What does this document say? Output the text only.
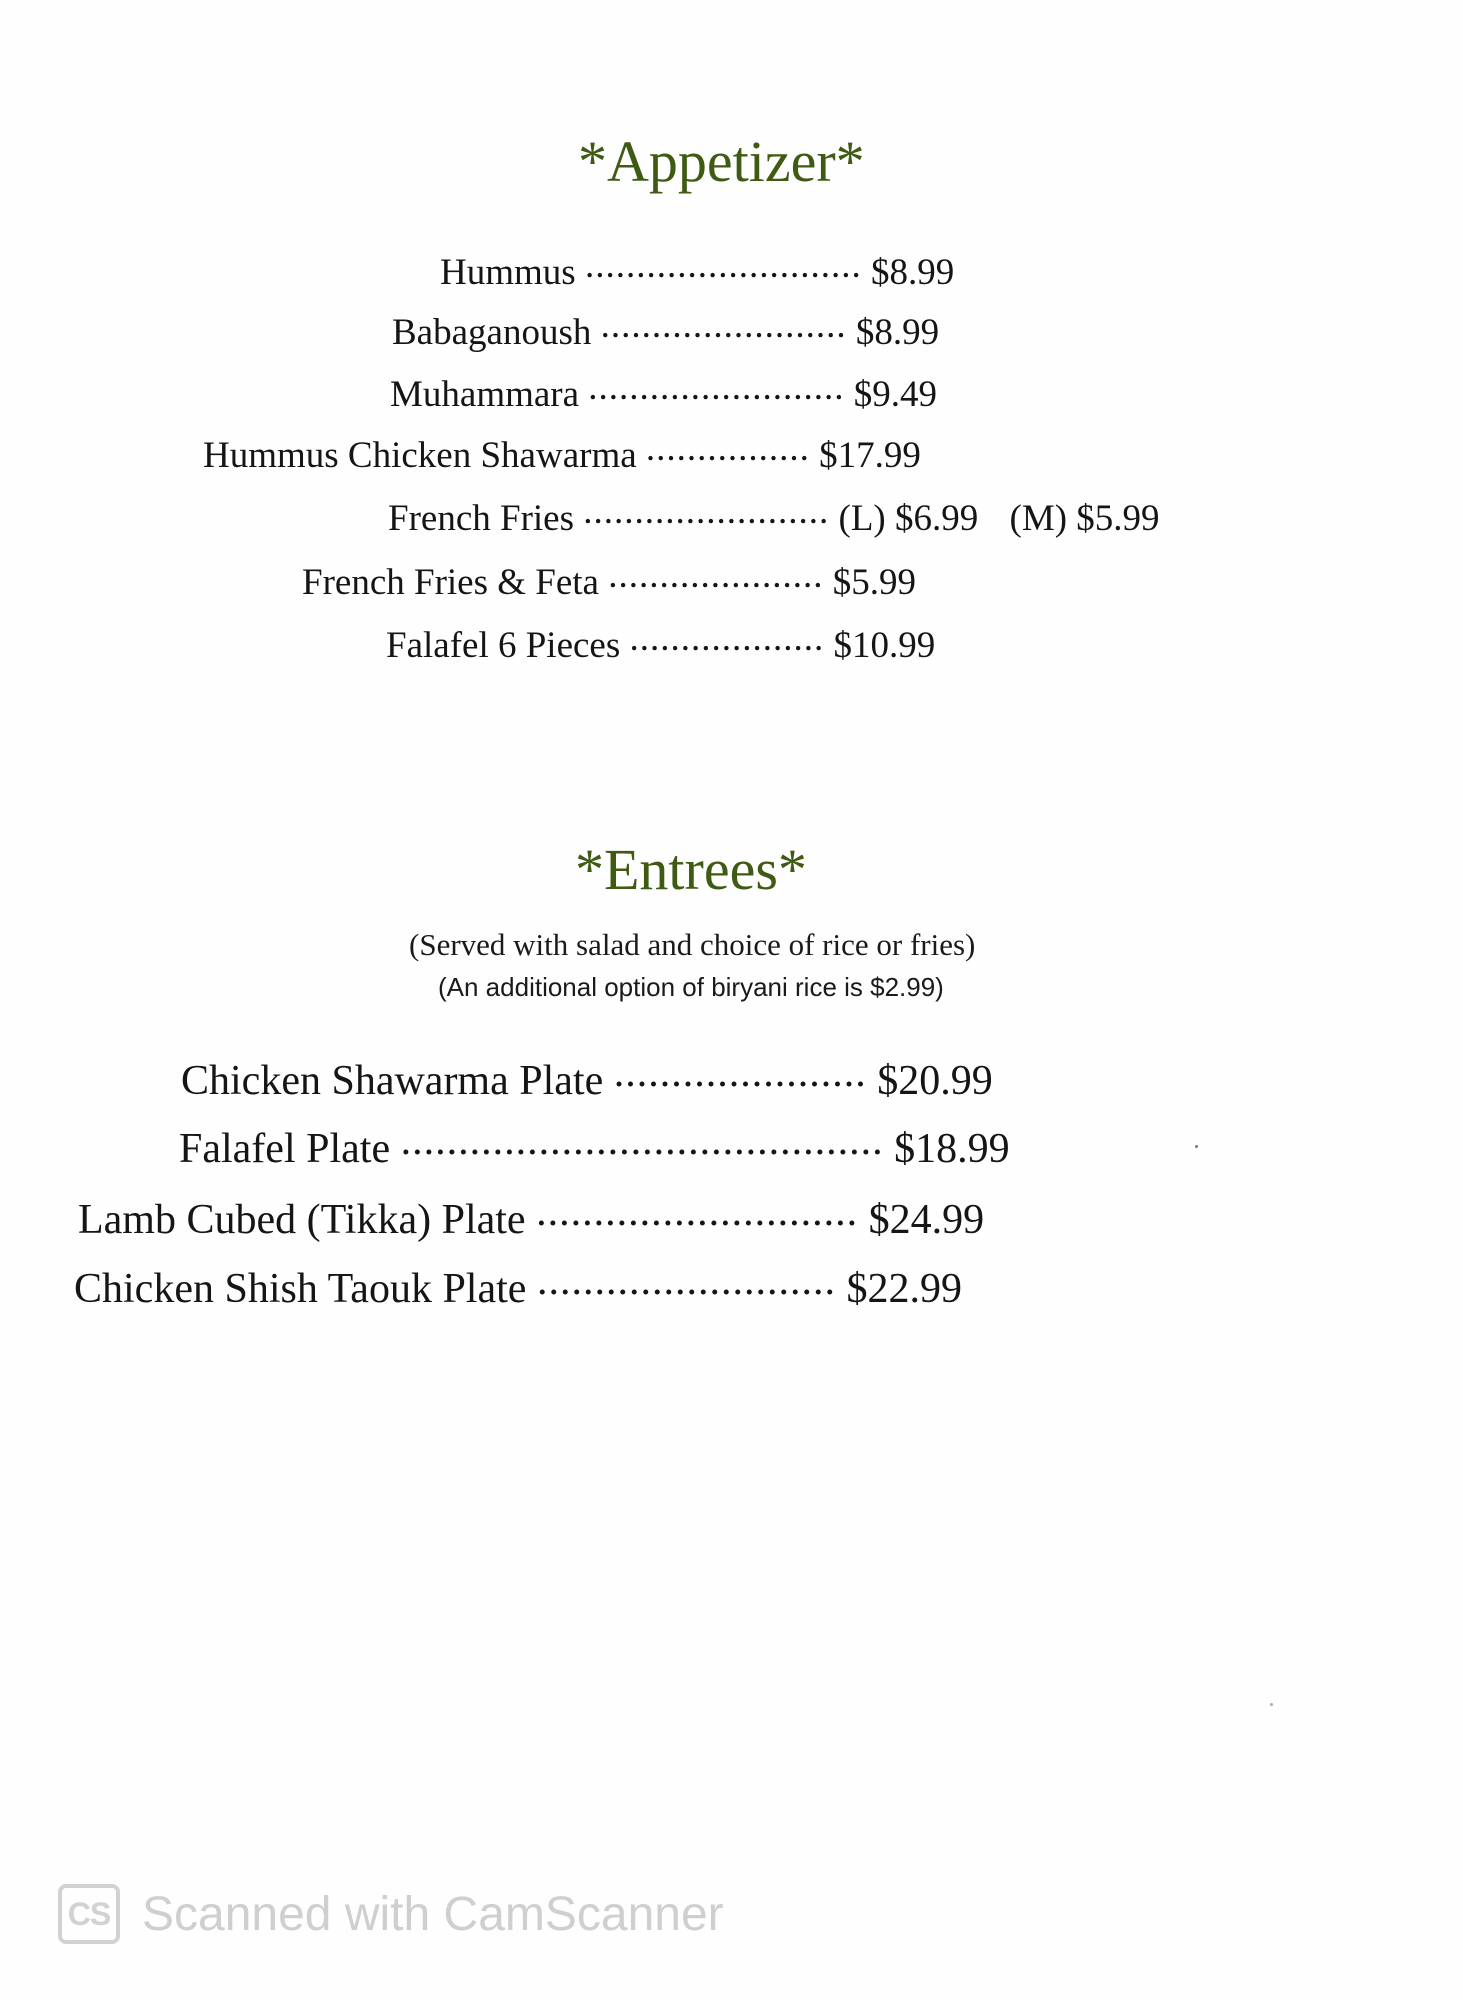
*Appetizer*
Hummus ........................... $8.99
Babaganoush ........................ $8.99
Muhammara ......................... $9.49
Hummus Chicken Shawarma ................ $17.99
French Fries ........................ (L) $6.99 (M) $5.99
French Fries & Feta ..................... $5.99
Falafel 6 Pieces ................... $10.99
*Entrees*
(Served with salad and choice of rice or fries)
(An additional option of biryani rice is $2.99)
Chicken Shawarma Plate ...................... $20.99
Falafel Plate .......................................... $18.99
Lamb Cubed (Tikka) Plate ............................ $24.99
Chicken Shish Taouk Plate .......................... $22.99
CS Scanned with CamScanner
